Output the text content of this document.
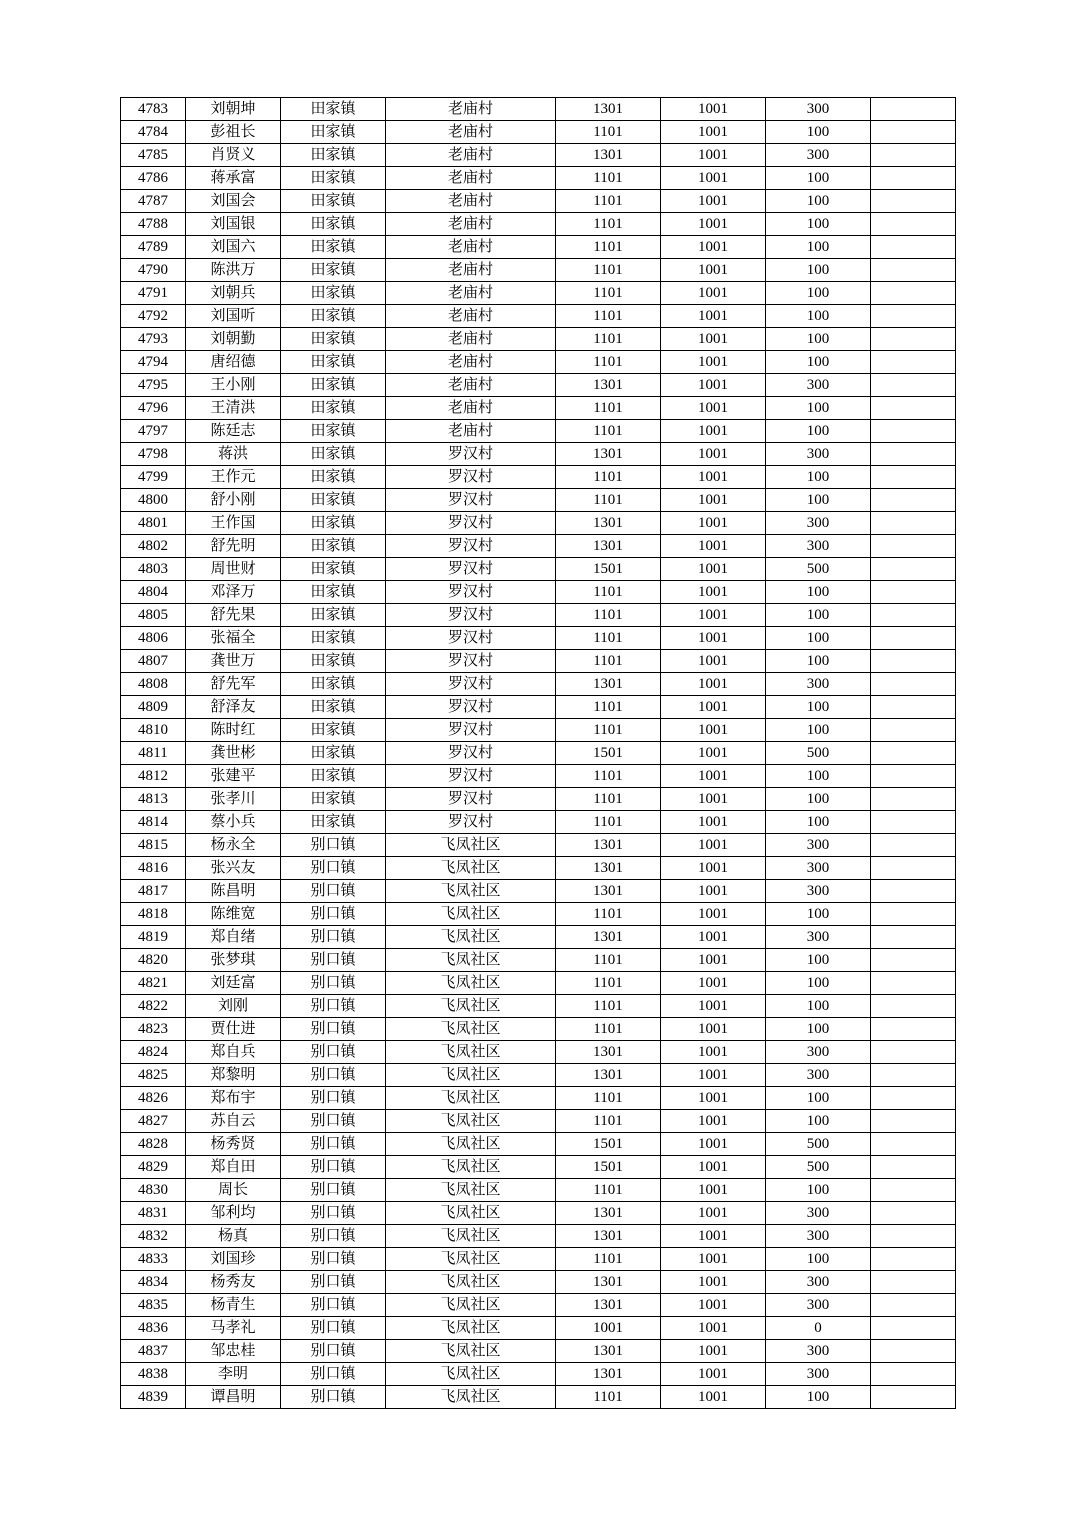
4783	刘朝坤	田家镇	老庙村	1301	1001	300	
4784	彭祖长	田家镇	老庙村	1101	1001	100	
4785	肖贤义	田家镇	老庙村	1301	1001	300	
4786	蒋承富	田家镇	老庙村	1101	1001	100	
4787	刘国会	田家镇	老庙村	1101	1001	100	
4788	刘国银	田家镇	老庙村	1101	1001	100	
4789	刘国六	田家镇	老庙村	1101	1001	100	
4790	陈洪万	田家镇	老庙村	1101	1001	100	
4791	刘朝兵	田家镇	老庙村	1101	1001	100	
4792	刘国听	田家镇	老庙村	1101	1001	100	
4793	刘朝勤	田家镇	老庙村	1101	1001	100	
4794	唐绍德	田家镇	老庙村	1101	1001	100	
4795	王小刚	田家镇	老庙村	1301	1001	300	
4796	王清洪	田家镇	老庙村	1101	1001	100	
4797	陈廷志	田家镇	老庙村	1101	1001	100	
4798	蒋洪	田家镇	罗汉村	1301	1001	300	
4799	王作元	田家镇	罗汉村	1101	1001	100	
4800	舒小刚	田家镇	罗汉村	1101	1001	100	
4801	王作国	田家镇	罗汉村	1301	1001	300	
4802	舒先明	田家镇	罗汉村	1301	1001	300	
4803	周世财	田家镇	罗汉村	1501	1001	500	
4804	邓泽万	田家镇	罗汉村	1101	1001	100	
4805	舒先果	田家镇	罗汉村	1101	1001	100	
4806	张福全	田家镇	罗汉村	1101	1001	100	
4807	龚世万	田家镇	罗汉村	1101	1001	100	
4808	舒先军	田家镇	罗汉村	1301	1001	300	
4809	舒泽友	田家镇	罗汉村	1101	1001	100	
4810	陈时红	田家镇	罗汉村	1101	1001	100	
4811	龚世彬	田家镇	罗汉村	1501	1001	500	
4812	张建平	田家镇	罗汉村	1101	1001	100	
4813	张孝川	田家镇	罗汉村	1101	1001	100	
4814	蔡小兵	田家镇	罗汉村	1101	1001	100	
4815	杨永全	别口镇	飞凤社区	1301	1001	300	
4816	张兴友	别口镇	飞凤社区	1301	1001	300	
4817	陈昌明	别口镇	飞凤社区	1301	1001	300	
4818	陈维宽	别口镇	飞凤社区	1101	1001	100	
4819	郑自绪	别口镇	飞凤社区	1301	1001	300	
4820	张梦琪	别口镇	飞凤社区	1101	1001	100	
4821	刘廷富	别口镇	飞凤社区	1101	1001	100	
4822	刘刚	别口镇	飞凤社区	1101	1001	100	
4823	贾仕进	别口镇	飞凤社区	1101	1001	100	
4824	郑自兵	别口镇	飞凤社区	1301	1001	300	
4825	郑黎明	别口镇	飞凤社区	1301	1001	300	
4826	郑布宇	别口镇	飞凤社区	1101	1001	100	
4827	苏自云	别口镇	飞凤社区	1101	1001	100	
4828	杨秀贤	别口镇	飞凤社区	1501	1001	500	
4829	郑自田	别口镇	飞凤社区	1501	1001	500	
4830	周长	别口镇	飞凤社区	1101	1001	100	
4831	邹利均	别口镇	飞凤社区	1301	1001	300	
4832	杨真	别口镇	飞凤社区	1301	1001	300	
4833	刘国珍	别口镇	飞凤社区	1101	1001	100	
4834	杨秀友	别口镇	飞凤社区	1301	1001	300	
4835	杨青生	别口镇	飞凤社区	1301	1001	300	
4836	马孝礼	别口镇	飞凤社区	1001	1001	0	
4837	邹忠桂	别口镇	飞凤社区	1301	1001	300	
4838	李明	别口镇	飞凤社区	1301	1001	300	
4839	谭昌明	别口镇	飞凤社区	1101	1001	100	
